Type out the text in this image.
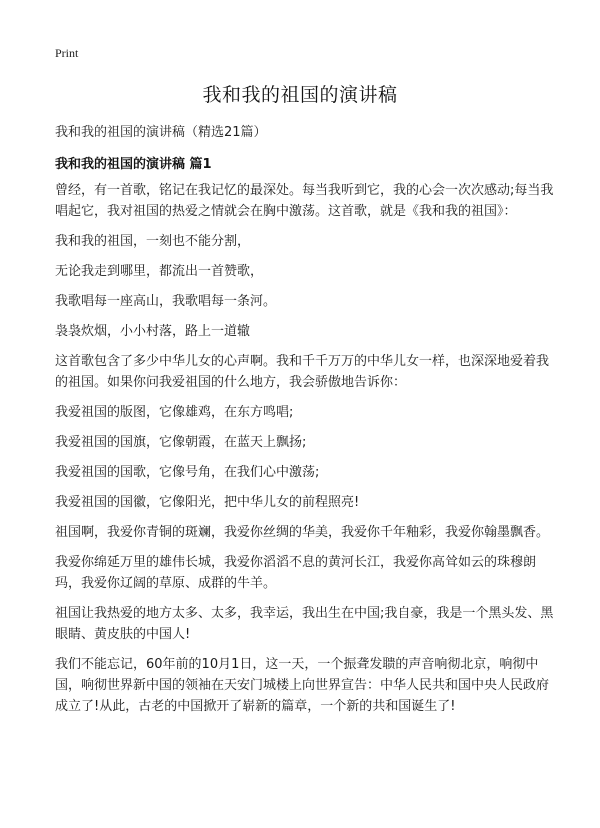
Print
我和我的祖国的演讲稿
我和我的祖国的演讲稿（精选21篇）
我和我的祖国的演讲稿 篇1

曾经，有一首歌，铭记在我记忆的最深处。每当我听到它，我的心会一次次感动;每当我唱起它，我对祖国的热爱之情就会在胸中激荡。这首歌，就是《我和我的祖国》：

我和我的祖国，一刻也不能分割，

无论我走到哪里，都流出一首赞歌，

我歌唱每一座高山，我歌唱每一条河。

袅袅炊烟，小小村落，路上一道辙

这首歌包含了多少中华儿女的心声啊。我和千千万万的中华儿女一样，也深深地爱着我的祖国。如果你问我爱祖国的什么地方，我会骄傲地告诉你：

我爱祖国的版图，它像雄鸡，在东方鸣唱;

我爱祖国的国旗，它像朝霞，在蓝天上飘扬;

我爱祖国的国歌，它像号角，在我们心中激荡;

我爱祖国的国徽，它像阳光，把中华儿女的前程照亮!

祖国啊，我爱你青铜的斑斓，我爱你丝绸的华美，我爱你千年釉彩，我爱你翰墨飘香。

我爱你绵延万里的雄伟长城，我爱你滔滔不息的黄河长江，我爱你高耸如云的珠穆朗玛，我爱你辽阔的草原、成群的牛羊。

祖国让我热爱的地方太多、太多，我幸运，我出生在中国;我自豪，我是一个黑头发、黑眼睛、黄皮肤的中国人!

我们不能忘记，60年前的10月1日，这一天，一个振聋发聩的声音响彻北京，响彻中国，响彻世界新中国的领袖在天安门城楼上向世界宣告：中华人民共和国中央人民政府成立了!从此，古老的中国掀开了崭新的篇章，一个新的共和国诞生了!
